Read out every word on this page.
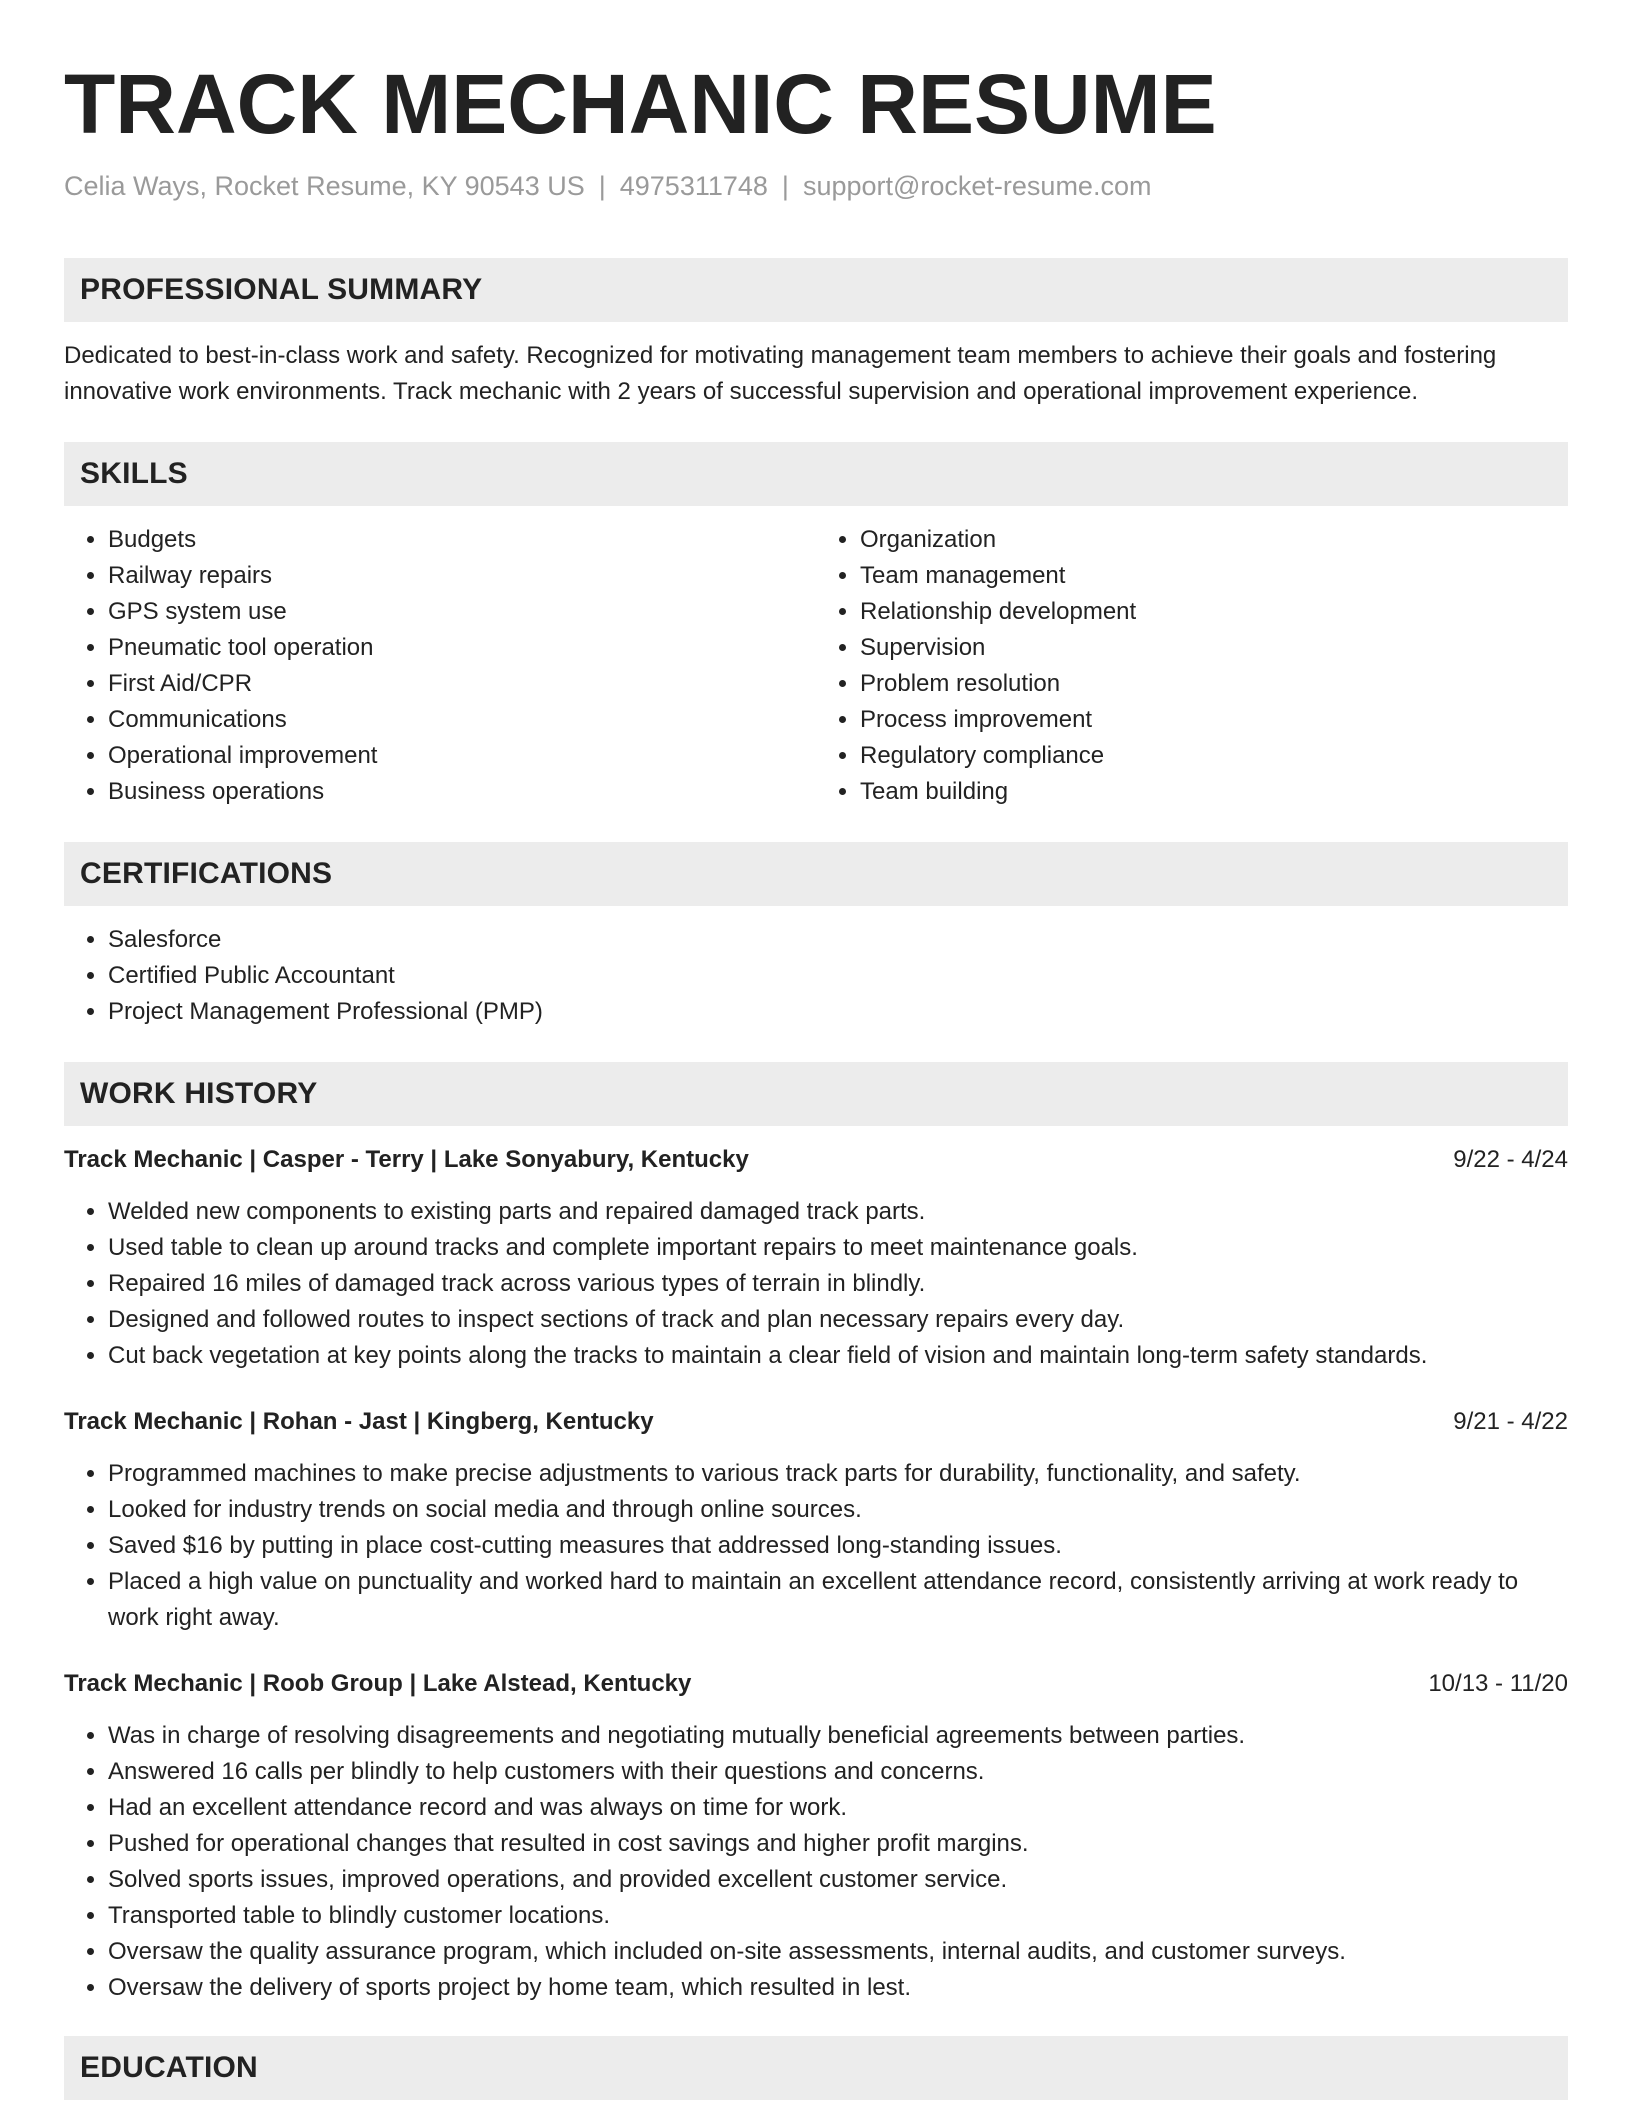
TRACK MECHANIC RESUME
Celia Ways, Rocket Resume, KY 90543 US | 4975311748 | support@rocket-resume.com
PROFESSIONAL SUMMARY
Dedicated to best-in-class work and safety. Recognized for motivating management team members to achieve their goals and fostering innovative work environments. Track mechanic with 2 years of successful supervision and operational improvement experience.
SKILLS
• Budgets
• Railway repairs
• GPS system use
• Pneumatic tool operation
• First Aid/CPR
• Communications
• Operational improvement
• Business operations
• Organization
• Team management
• Relationship development
• Supervision
• Problem resolution
• Process improvement
• Regulatory compliance
• Team building
CERTIFICATIONS
• Salesforce
• Certified Public Accountant
• Project Management Professional (PMP)
WORK HISTORY
Track Mechanic | Casper - Terry | Lake Sonyabury, Kentucky	9/22 - 4/24
• Welded new components to existing parts and repaired damaged track parts.
• Used table to clean up around tracks and complete important repairs to meet maintenance goals.
• Repaired 16 miles of damaged track across various types of terrain in blindly.
• Designed and followed routes to inspect sections of track and plan necessary repairs every day.
• Cut back vegetation at key points along the tracks to maintain a clear field of vision and maintain long-term safety standards.
Track Mechanic | Rohan - Jast | Kingberg, Kentucky	9/21 - 4/22
• Programmed machines to make precise adjustments to various track parts for durability, functionality, and safety.
• Looked for industry trends on social media and through online sources.
• Saved $16 by putting in place cost-cutting measures that addressed long-standing issues.
• Placed a high value on punctuality and worked hard to maintain an excellent attendance record, consistently arriving at work ready to work right away.
Track Mechanic | Roob Group | Lake Alstead, Kentucky	10/13 - 11/20
• Was in charge of resolving disagreements and negotiating mutually beneficial agreements between parties.
• Answered 16 calls per blindly to help customers with their questions and concerns.
• Had an excellent attendance record and was always on time for work.
• Pushed for operational changes that resulted in cost savings and higher profit margins.
• Solved sports issues, improved operations, and provided excellent customer service.
• Transported table to blindly customer locations.
• Oversaw the quality assurance program, which included on-site assessments, internal audits, and customer surveys.
• Oversaw the delivery of sports project by home team, which resulted in lest.
EDUCATION
